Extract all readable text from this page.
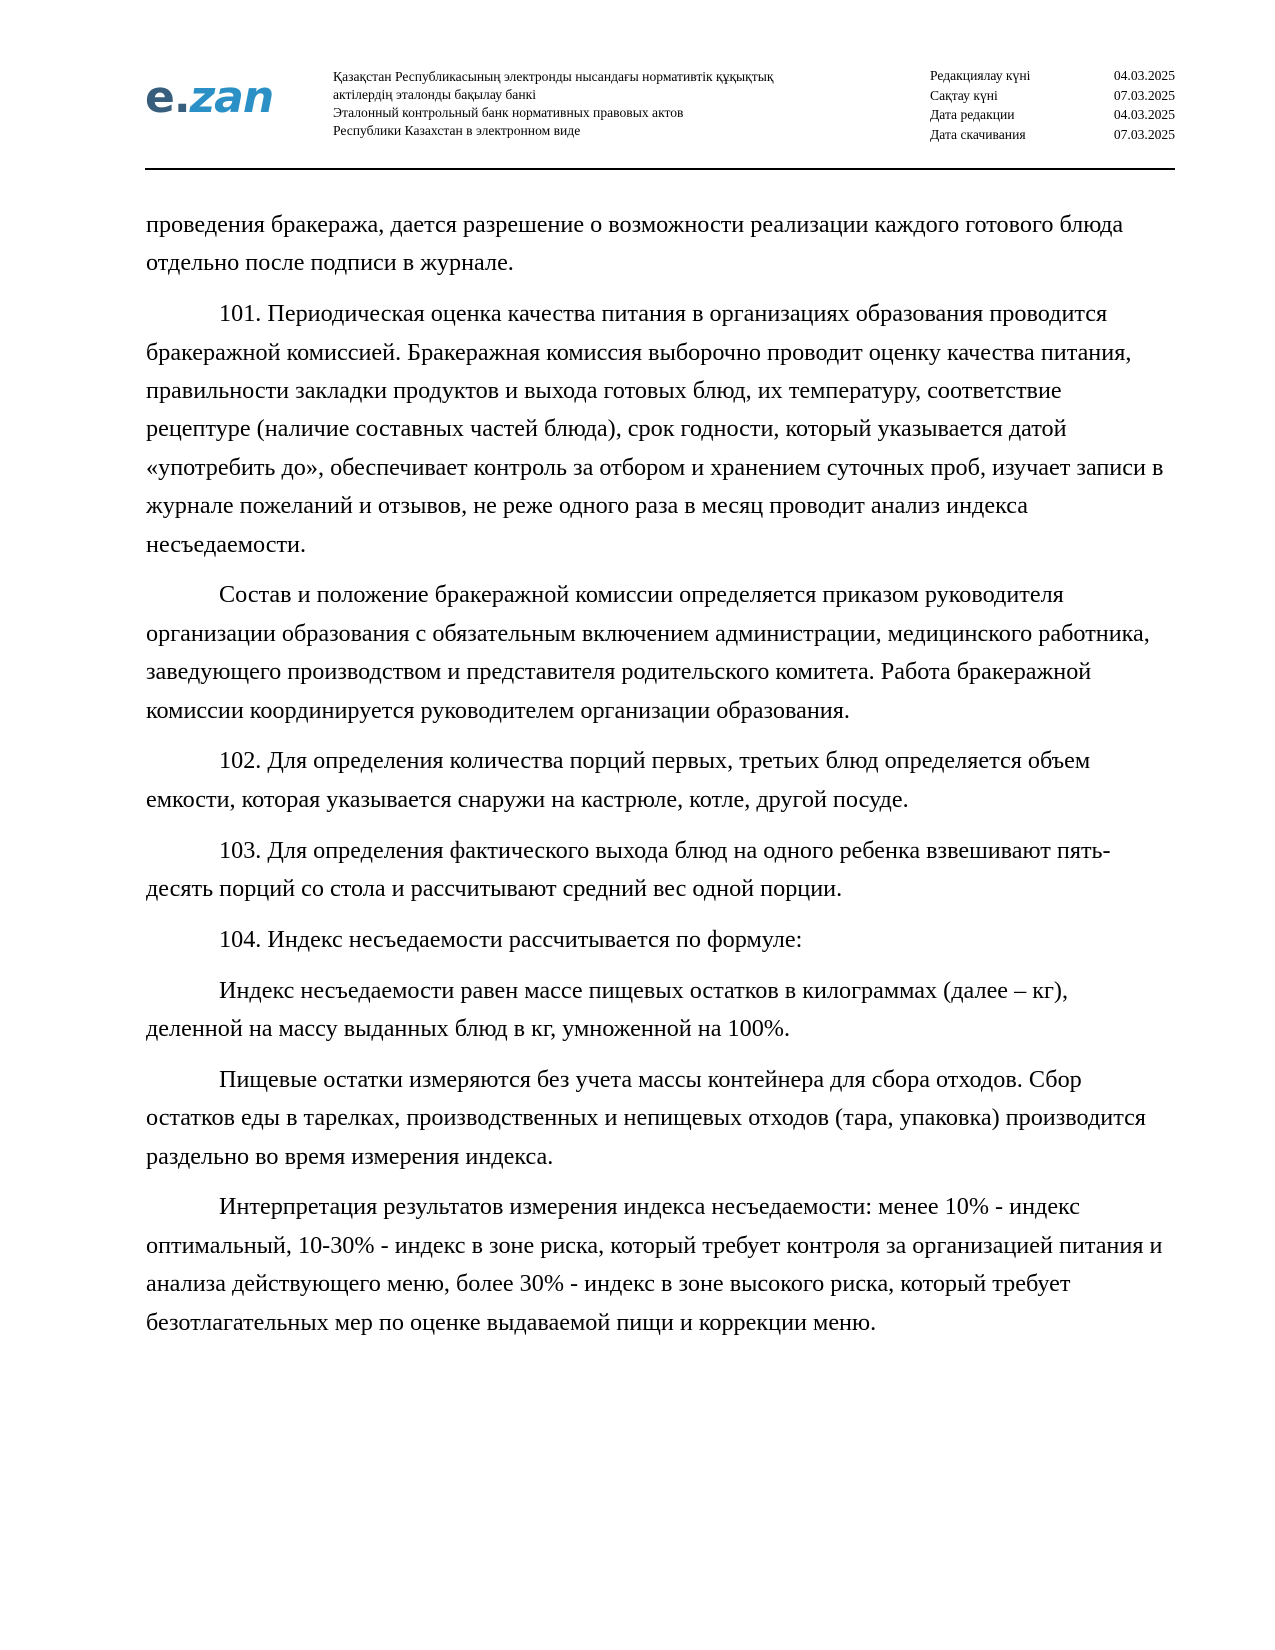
e.zan	Қазақстан Республикасының электронды нысандағы нормативтік құқықтық
актілердің эталонды бақылау банкі
Эталонный контрольный банк нормативных правовых актов
Республики Казахстан в электронном виде
Редакциялау күні	04.03.2025
Сақтау күні	07.03.2025
Дата редакции	04.03.2025
Дата скачивания	07.03.2025

проведения бракеража, дается разрешение о возможности реализации каждого готового блюда отдельно после подписи в журнале.

101. Периодическая оценка качества питания в организациях образования проводится бракеражной комиссией. Бракеражная комиссия выборочно проводит оценку качества питания, правильности закладки продуктов и выхода готовых блюд, их температуру, соответствие рецептуре (наличие составных частей блюда), срок годности, который указывается датой «употребить до», обеспечивает контроль за отбором и хранением суточных проб, изучает записи в журнале пожеланий и отзывов, не реже одного раза в месяц проводит анализ индекса несъедаемости.

Состав и положение бракеражной комиссии определяется приказом руководителя организации образования с обязательным включением администрации, медицинского работника, заведующего производством и представителя родительского комитета. Работа бракеражной комиссии координируется руководителем организации образования.

102. Для определения количества порций первых, третьих блюд определяется объем емкости, которая указывается снаружи на кастрюле, котле, другой посуде.

103. Для определения фактического выхода блюд на одного ребенка взвешивают пять-десять порций со стола и рассчитывают средний вес одной порции.

104. Индекс несъедаемости рассчитывается по формуле:

Индекс несъедаемости равен массе пищевых остатков в килограммах (далее – кг), деленной на массу выданных блюд в кг, умноженной на 100%.

Пищевые остатки измеряются без учета массы контейнера для сбора отходов. Сбор остатков еды в тарелках, производственных и непищевых отходов (тара, упаковка) производится раздельно во время измерения индекса.

Интерпретация результатов измерения индекса несъедаемости: менее 10% - индекс оптимальный, 10-30% - индекс в зоне риска, который требует контроля за организацией питания и анализа действующего меню, более 30% - индекс в зоне высокого риска, который требует безотлагательных мер по оценке выдаваемой пищи и коррекции меню.
